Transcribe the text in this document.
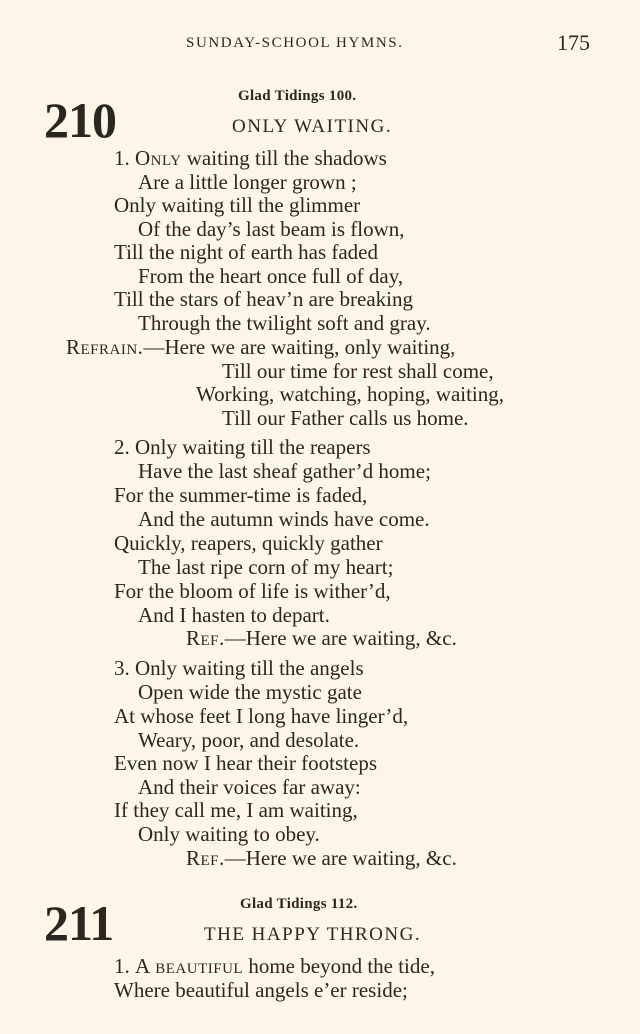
SUNDAY-SCHOOL HYMNS.	175
210	Glad Tidings 100.
ONLY WAITING.
1. Only waiting till the shadows
Are a little longer grown ;
Only waiting till the glimmer
Of the day’s last beam is flown,
Till the night of earth has faded
From the heart once full of day,
Till the stars of heav’n are breaking
Through the twilight soft and gray.
Refrain.—Here we are waiting, only waiting,
Till our time for rest shall come,
Working, watching, hoping, waiting,
Till our Father calls us home.
2. Only waiting till the reapers
Have the last sheaf gather’d home;
For the summer-time is faded,
And the autumn winds have come.
Quickly, reapers, quickly gather
The last ripe corn of my heart;
For the bloom of life is wither’d,
And I hasten to depart.
Ref.—Here we are waiting, &c.
3. Only waiting till the angels
Open wide the mystic gate
At whose feet I long have linger’d,
Weary, poor, and desolate.
Even now I hear their footsteps
And their voices far away:
If they call me, I am waiting,
Only waiting to obey.
Ref.—Here we are waiting, &c.
211	Glad Tidings 112.
THE HAPPY THRONG.
1. A beautiful home beyond the tide,
Where beautiful angels e’er reside;
